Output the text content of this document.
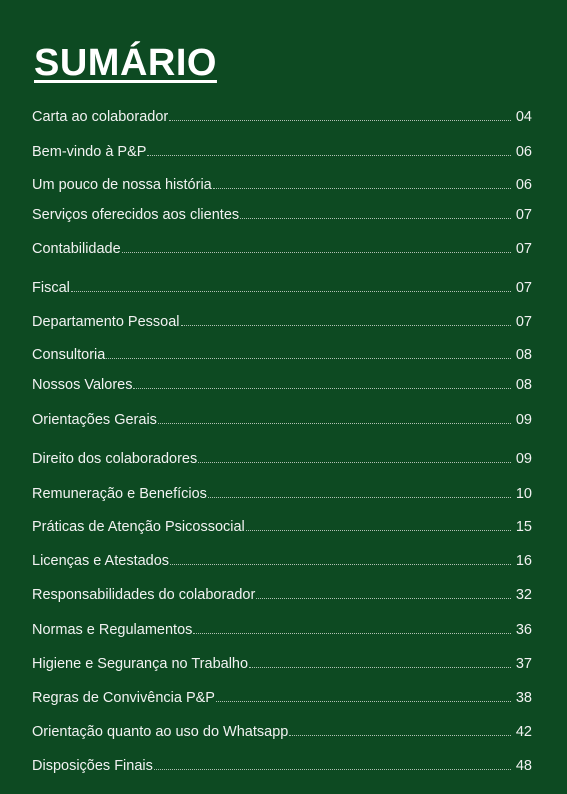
SUMÁRIO
Carta ao colaborador	04
Bem-vindo à P&P	06
Um pouco de nossa história	06
Serviços oferecidos aos clientes	07
Contabilidade	07
Fiscal	07
Departamento Pessoal	07
Consultoria	08
Nossos Valores	08
Orientações Gerais	09
Direito dos colaboradores	09
Remuneração e Benefícios	10
Práticas de Atenção Psicossocial	15
Licenças e Atestados	16
Responsabilidades do colaborador	32
Normas e Regulamentos	36
Higiene e Segurança no Trabalho	37
Regras de Convivência P&P	38
Orientação quanto ao uso do Whatsapp	42
Disposições Finais	48
